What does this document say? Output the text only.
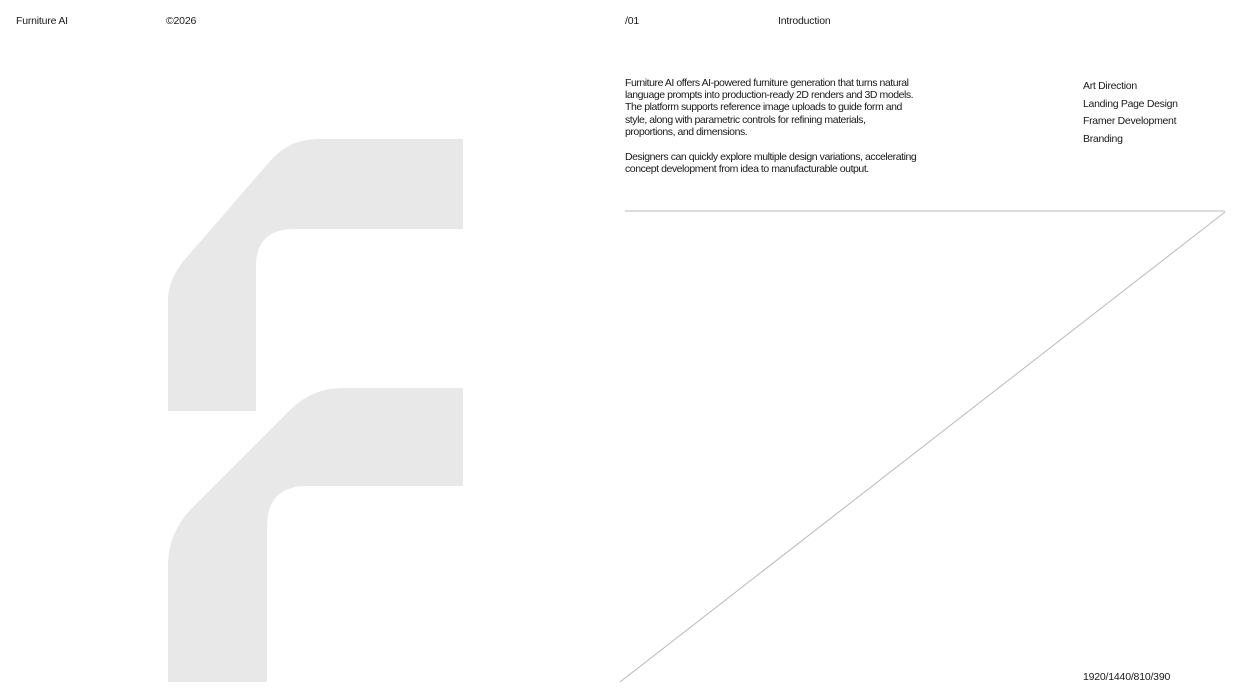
Furniture AI	©2026	/01	Introduction
Furniture AI offers AI-powered furniture generation that turns natural
language prompts into production-ready 2D renders and 3D models.
The platform supports reference image uploads to guide form and
style, along with parametric controls for refining materials,
proportions, and dimensions.
Designers can quickly explore multiple design variations, accelerating
concept development from idea to manufacturable output.
Art Direction
Landing Page Design
Framer Development
Branding
1920/1440/810/390
